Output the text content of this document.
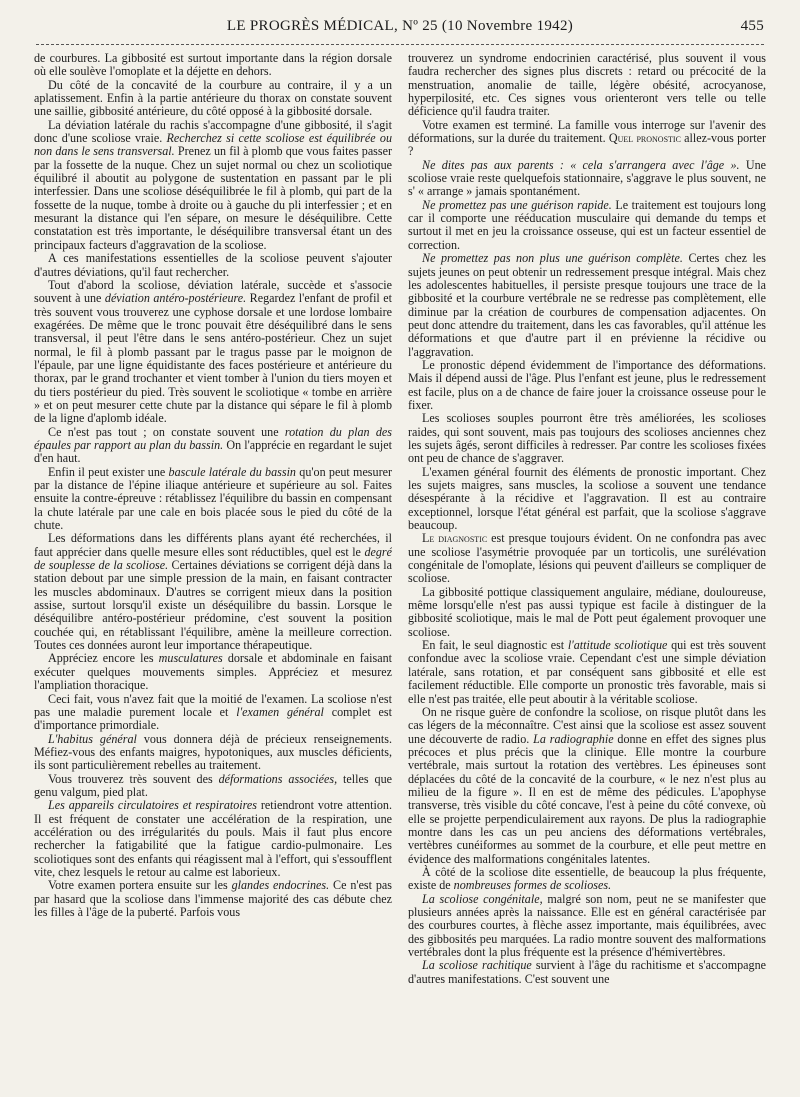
LE PROGRÈS MÉDICAL, Nº 25 (10 Novembre 1942)	455

de courbures. La gibbosité est surtout importante dans la région dorsale où elle soulève l'omoplate et la déjette en dehors.

Du côté de la concavité de la courbure au contraire, il y a un aplatissement. Enfin à la partie antérieure du thorax on constate souvent une saillie, gibbosité antérieure, du côté opposé à la gibbosité dorsale.

La déviation latérale du rachis s'accompagne d'une gibbosité, il s'agit donc d'une scoliose vraie. Recherchez si cette scoliose est équilibrée ou non dans le sens transversal. Prenez un fil à plomb que vous faites passer par la fossette de la nuque. Chez un sujet normal ou chez un scoliotique équilibré il aboutit au polygone de sustentation en passant par le pli interfessier. Dans une scoliose déséquilibrée le fil à plomb, qui part de la fossette de la nuque, tombe à droite ou à gauche du pli interfessier ; et en mesurant la distance qui l'en sépare, on mesure le déséquilibre. Cette constatation est très importante, le déséquilibre transversal étant un des principaux facteurs d'aggravation de la scoliose.

A ces manifestations essentielles de la scoliose peuvent s'ajouter d'autres déviations, qu'il faut rechercher.

Tout d'abord la scoliose, déviation latérale, succède et s'associe souvent à une déviation antéro-postérieure. Regardez l'enfant de profil et très souvent vous trouverez une cyphose dorsale et une lordose lombaire exagérées. De même que le tronc pouvait être déséquilibré dans le sens transversal, il peut l'être dans le sens antéro-postérieur. Chez un sujet normal, le fil à plomb passant par le tragus passe par le moignon de l'épaule, par une ligne équidistante des faces postérieure et antérieure du thorax, par le grand trochanter et vient tomber à l'union du tiers moyen et du tiers postérieur du pied. Très souvent le scoliotique « tombe en arrière » et on peut mesurer cette chute par la distance qui sépare le fil à plomb de la ligne d'aplomb idéale.

Ce n'est pas tout ; on constate souvent une rotation du plan des épaules par rapport au plan du bassin. On l'apprécie en regardant le sujet d'en haut.

Enfin il peut exister une bascule latérale du bassin qu'on peut mesurer par la distance de l'épine iliaque antérieure et supérieure au sol. Faites ensuite la contre-épreuve : rétablissez l'équilibre du bassin en compensant la chute latérale par une cale en bois placée sous le pied du côté de la chute.

Les déformations dans les différents plans ayant été recherchées, il faut apprécier dans quelle mesure elles sont réductibles, quel est le degré de souplesse de la scoliose. Certaines déviations se corrigent déjà dans la station debout par une simple pression de la main, en faisant contracter les muscles abdominaux. D'autres se corrigent mieux dans la position assise, surtout lorsqu'il existe un déséquilibre du bassin. Lorsque le déséquilibre antéro-postérieur prédomine, c'est souvent la position couchée qui, en rétablissant l'équilibre, amène la meilleure correction. Toutes ces données auront leur importance thérapeutique.

Appréciez encore les musculatures dorsale et abdominale en faisant exécuter quelques mouvements simples. Appréciez et mesurez l'ampliation thoracique.

Ceci fait, vous n'avez fait que la moitié de l'examen. La scoliose n'est pas une maladie purement locale et l'examen général complet est d'importance primordiale.

L'habitus général vous donnera déjà de précieux renseignements. Méfiez-vous des enfants maigres, hypotoniques, aux muscles déficients, ils sont particulièrement rebelles au traitement.

Vous trouverez très souvent des déformations associées, telles que genu valgum, pied plat.

Les appareils circulatoires et respiratoires retiendront votre attention. Il est fréquent de constater une accélération de la respiration, une accélération ou des irrégularités du pouls. Mais il faut plus encore rechercher la fatigabilité que la fatigue cardio-pulmonaire. Les scoliotiques sont des enfants qui réagissent mal à l'effort, qui s'essoufflent vite, chez lesquels le retour au calme est laborieux.

Votre examen portera ensuite sur les glandes endocrines. Ce n'est pas par hasard que la scoliose dans l'immense majorité des cas débute chez les filles à l'âge de la puberté. Parfois vous

trouverez un syndrome endocrinien caractérisé, plus souvent il vous faudra rechercher des signes plus discrets : retard ou précocité de la menstruation, anomalie de taille, légère obésité, acrocyanose, hyperpilosité, etc. Ces signes vous orienteront vers telle ou telle déficience qu'il faudra traiter.

Votre examen est terminé. La famille vous interroge sur l'avenir des déformations, sur la durée du traitement. Quel pronostic allez-vous porter ?

Ne dites pas aux parents : « cela s'arrangera avec l'âge ». Une scoliose vraie reste quelquefois stationnaire, s'aggrave le plus souvent, ne s' « arrange » jamais spontanément.

Ne promettez pas une guérison rapide. Le traitement est toujours long car il comporte une rééducation musculaire qui demande du temps et surtout il met en jeu la croissance osseuse, qui est un facteur essentiel de correction.

Ne promettez pas non plus une guérison complète. Certes chez les sujets jeunes on peut obtenir un redressement presque intégral. Mais chez les adolescentes habituelles, il persiste presque toujours une trace de la gibbosité et la courbure vertébrale ne se redresse pas complètement, elle diminue par la création de courbures de compensation adjacentes. On peut donc attendre du traitement, dans les cas favorables, qu'il atténue les déformations et que d'autre part il en prévienne la récidive ou l'aggravation.

Le pronostic dépend évidemment de l'importance des déformations. Mais il dépend aussi de l'âge. Plus l'enfant est jeune, plus le redressement est facile, plus on a de chance de faire jouer la croissance osseuse pour le fixer.

Les scolioses souples pourront être très améliorées, les scolioses raides, qui sont souvent, mais pas toujours des scolioses anciennes chez les sujets âgés, seront difficiles à redresser. Par contre les scolioses fixées ont peu de chance de s'aggraver.

L'examen général fournit des éléments de pronostic important. Chez les sujets maigres, sans muscles, la scoliose a souvent une tendance désespérante à la récidive et l'aggravation. Il est au contraire exceptionnel, lorsque l'état général est parfait, que la scoliose s'aggrave beaucoup.

Le diagnostic est presque toujours évident. On ne confondra pas avec une scoliose l'asymétrie provoquée par un torticolis, une surélévation congénitale de l'omoplate, lésions qui peuvent d'ailleurs se compliquer de scoliose.

La gibbosité pottique classiquement angulaire, médiane, douloureuse, même lorsqu'elle n'est pas aussi typique est facile à distinguer de la gibbosité scoliotique, mais le mal de Pott peut également provoquer une scoliose.

En fait, le seul diagnostic est l'attitude scoliotique qui est très souvent confondue avec la scoliose vraie. Cependant c'est une simple déviation latérale, sans rotation, et par conséquent sans gibbosité et elle est facilement réductible. Elle comporte un pronostic très favorable, mais si elle n'est pas traitée, elle peut aboutir à la véritable scoliose.

On ne risque guère de confondre la scoliose, on risque plutôt dans les cas légers de la méconnaître. C'est ainsi que la scoliose est assez souvent une découverte de radio. La radiographie donne en effet des signes plus précoces et plus précis que la clinique. Elle montre la courbure vertébrale, mais surtout la rotation des vertèbres. Les épineuses sont déplacées du côté de la concavité de la courbure, « le nez n'est plus au milieu de la figure ». Il en est de même des pédicules. L'apophyse transverse, très visible du côté concave, l'est à peine du côté convexe, où elle se projette perpendiculairement aux rayons. De plus la radiographie montre dans les cas un peu anciens des déformations vertébrales, vertèbres cunéiformes au sommet de la courbure, et elle peut mettre en évidence des malformations congénitales latentes.

À côté de la scoliose dite essentielle, de beaucoup la plus fréquente, existe de nombreuses formes de scolioses.

La scoliose congénitale, malgré son nom, peut ne se manifester que plusieurs années après la naissance. Elle est en général caractérisée par des courbures courtes, à flèche assez importante, mais équilibrées, avec des gibbosités peu marquées. La radio montre souvent des malformations vertébrales dont la plus fréquente est la présence d'hémivertèbres.

La scoliose rachitique survient à l'âge du rachitisme et s'accompagne d'autres manifestations. C'est souvent une
